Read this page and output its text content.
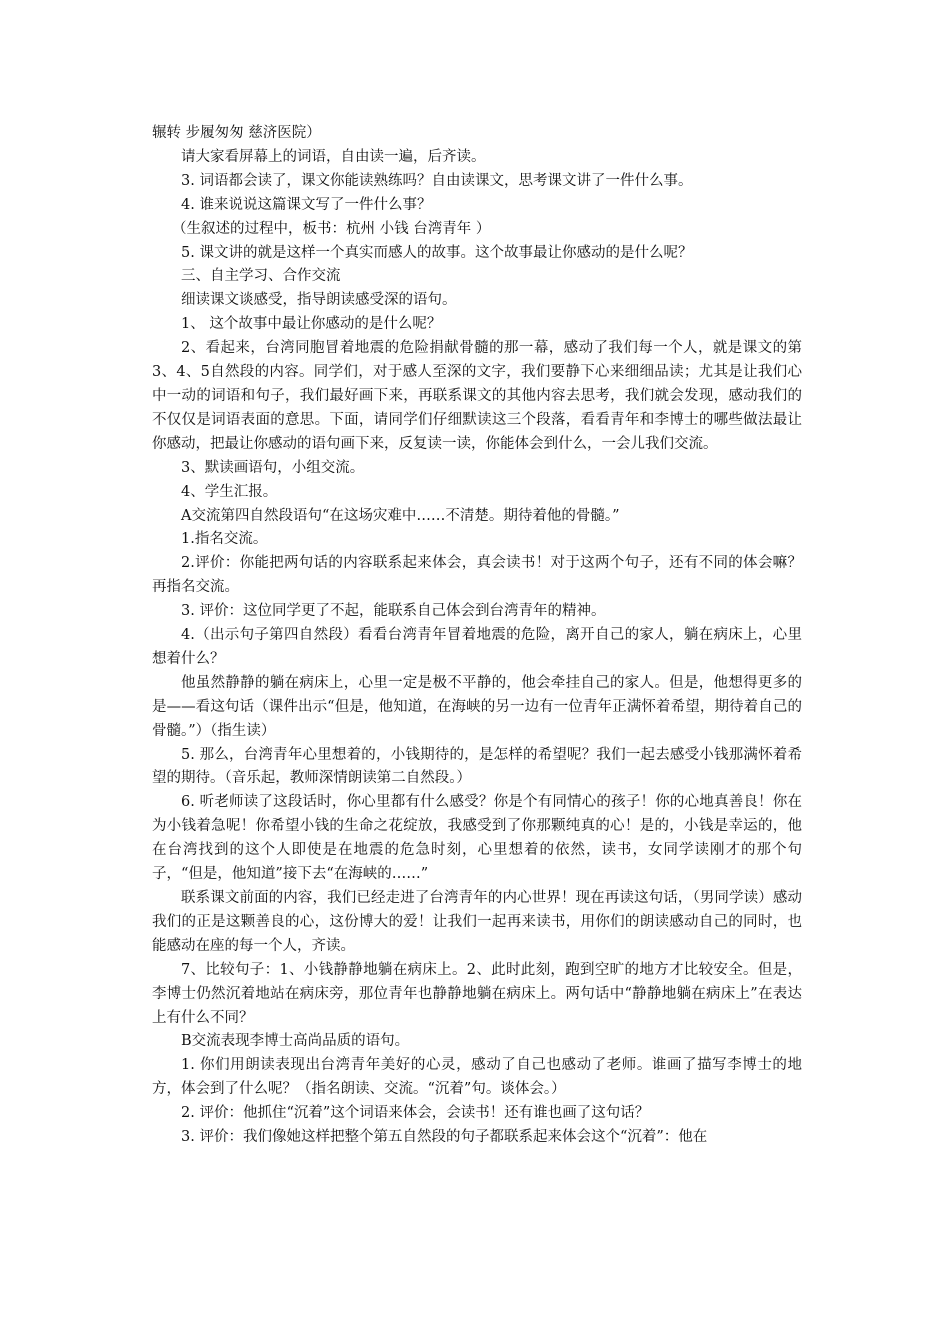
辗转 步履匆匆 慈济医院）

请大家看屏幕上的词语，自由读一遍，后齐读。

3. 词语都会读了，课文你能读熟练吗？自由读课文，思考课文讲了一件什么事。

4. 谁来说说这篇课文写了一件什么事？

（生叙述的过程中，板书：杭州 小钱 台湾青年 ）

5. 课文讲的就是这样一个真实而感人的故事。这个故事最让你感动的是什么呢？

三、自主学习、合作交流

细读课文谈感受，指导朗读感受深的语句。

1、 这个故事中最让你感动的是什么呢？

2、看起来，台湾同胞冒着地震的危险捐献骨髓的那一幕，感动了我们每一个人，就是课文的第3、4、5自然段的内容。同学们，对于感人至深的文字，我们要静下心来细细品读；尤其是让我们心中一动的词语和句子，我们最好画下来，再联系课文的其他内容去思考，我们就会发现，感动我们的不仅仅是词语表面的意思。下面，请同学们仔细默读这三个段落，看看青年和李博士的哪些做法最让你感动，把最让你感动的语句画下来，反复读一读，你能体会到什么，一会儿我们交流。

3、默读画语句，小组交流。

4、学生汇报。

A交流第四自然段语句“在这场灾难中……不清楚。期待着他的骨髓。”

1.指名交流。

2.评价：你能把两句话的内容联系起来体会，真会读书！对于这两个句子，还有不同的体会嘛？再指名交流。

3. 评价：这位同学更了不起，能联系自己体会到台湾青年的精神。

4.（出示句子第四自然段）看看台湾青年冒着地震的危险，离开自己的家人，躺在病床上，心里想着什么？

他虽然静静的躺在病床上，心里一定是极不平静的，他会牵挂自己的家人。但是，他想得更多的是——看这句话（课件出示“但是，他知道，在海峡的另一边有一位青年正满怀着希望，期待着自己的骨髓。”）（指生读）

5. 那么，台湾青年心里想着的，小钱期待的，是怎样的希望呢？我们一起去感受小钱那满怀着希望的期待。（音乐起，教师深情朗读第二自然段。）

6. 听老师读了这段话时，你心里都有什么感受？你是个有同情心的孩子！你的心地真善良！你在为小钱着急呢！你希望小钱的生命之花绽放，我感受到了你那颗纯真的心！是的，小钱是幸运的，他在台湾找到的这个人即使是在地震的危急时刻，心里想着的依然，读书，女同学读刚才的那个句子，“但是，他知道”接下去“在海峡的……”

联系课文前面的内容，我们已经走进了台湾青年的内心世界！现在再读这句话，（男同学读）感动我们的正是这颗善良的心，这份博大的爱！让我们一起再来读书，用你们的朗读感动自己的同时，也能感动在座的每一个人，齐读。

7、比较句子：1、小钱静静地躺在病床上。2、此时此刻，跑到空旷的地方才比较安全。但是，李博士仍然沉着地站在病床旁，那位青年也静静地躺在病床上。两句话中“静静地躺在病床上”在表达上有什么不同？

B交流表现李博士高尚品质的语句。

1. 你们用朗读表现出台湾青年美好的心灵，感动了自己也感动了老师。谁画了描写李博士的地方，体会到了什么呢？（指名朗读、交流。“沉着”句。谈体会。）

2. 评价：他抓住“沉着”这个词语来体会，会读书！还有谁也画了这句话？

3. 评价：我们像她这样把整个第五自然段的句子都联系起来体会这个“沉着”：他在
